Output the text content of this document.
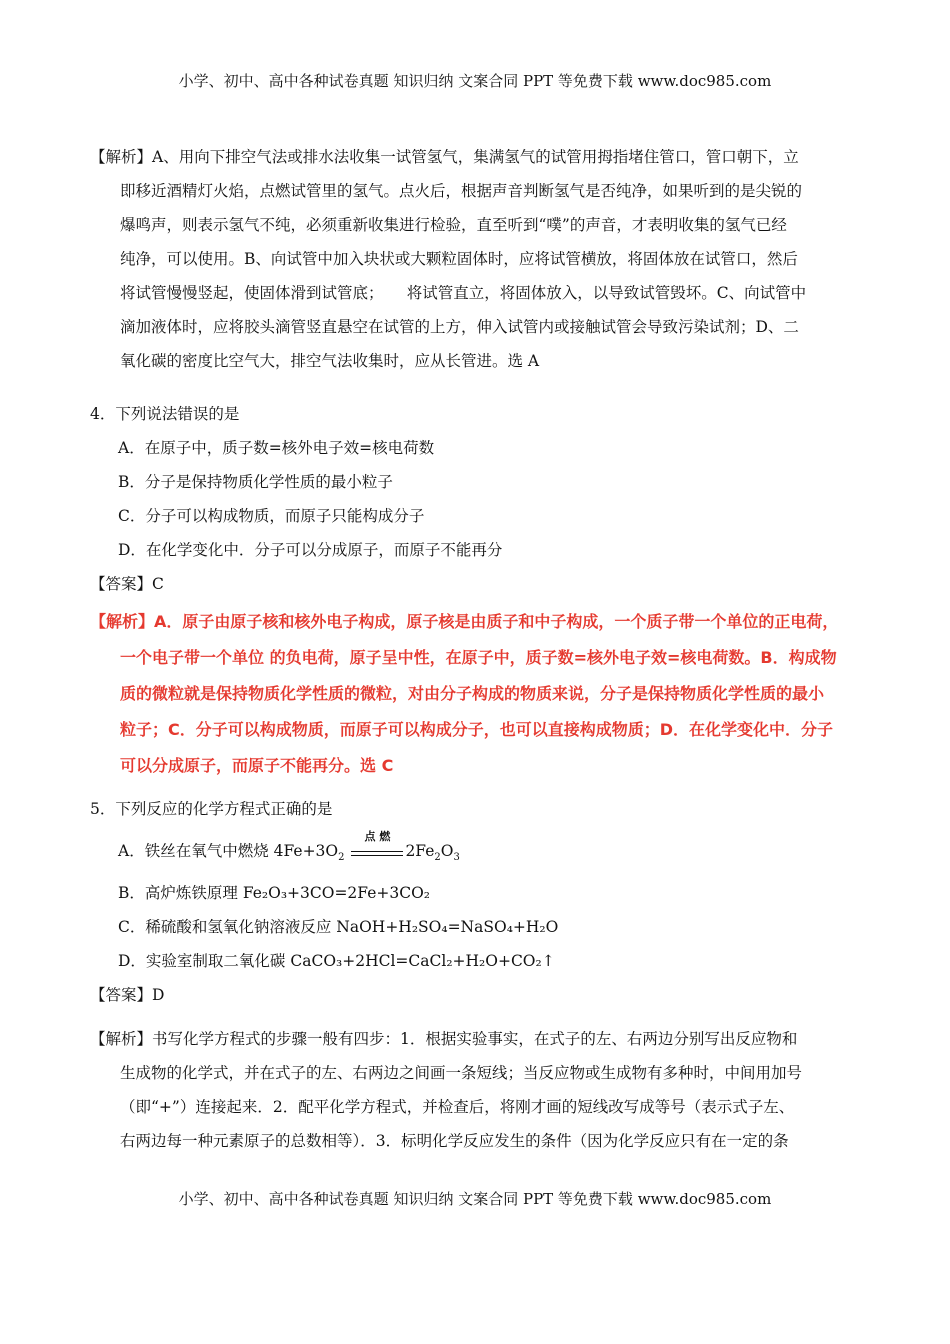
小学、初中、高中各种试卷真题 知识归纳 文案合同 PPT 等免费下载 www.doc985.com
【解析】A、用向下排空气法或排水法收集一试管氢气，集满氢气的试管用拇指堵住管口，管口朝下，立
即移近酒精灯火焰，点燃试管里的氢气。点火后，根据声音判断氢气是否纯净，如果听到的是尖锐的
爆鸣声，则表示氢气不纯，必须重新收集进行检验，直至听到“噗”的声音，才表明收集的氢气已经
纯净，可以使用。B、向试管中加入块状或大颗粒固体时，应将试管横放，将固体放在试管口，然后
将试管慢慢竖起，使固体滑到试管底；　　将试管直立，将固体放入，以导致试管毁坏。C、向试管中
滴加液体时，应将胶头滴管竖直悬空在试管的上方，伸入试管内或接触试管会导致污染试剂；D、二
氧化碳的密度比空气大，排空气法收集时，应从长管进。选 A
4．下列说法错误的是
A．在原子中，质子数=核外电子效=核电荷数
B．分子是保持物质化学性质的最小粒子
C．分子可以构成物质，而原子只能构成分子
D．在化学变化中．分子可以分成原子，而原子不能再分
【答案】C
【解析】A．原子由原子核和核外电子构成，原子核是由质子和中子构成，一个质子带一个单位的正电荷，
一个电子带一个单位 的负电荷，原子呈中性，在原子中，质子数=核外电子效=核电荷数。B．构成物
质的微粒就是保持物质化学性质的微粒，对由分子构成的物质来说，分子是保持物质化学性质的最小
粒子；C．分子可以构成物质，而原子可以构成分子，也可以直接构成物质；D．在化学变化中．分子
可以分成原子，而原子不能再分。选 C
5．下列反应的化学方程式正确的是
A．铁丝在氧气中燃烧 $4Fe+3O_2$
点 燃
$2Fe_2O_3$
B．高炉炼铁原理 Fe₂O₃+3CO=2Fe+3CO₂
C．稀硫酸和氢氧化钠溶液反应 NaOH+H₂SO₄=NaSO₄+H₂O
D．实验室制取二氧化碳 CaCO₃+2HCl=CaCl₂+H₂O+CO₂↑
【答案】D
【解析】书写化学方程式的步骤一般有四步：1．根据实验事实，在式子的左、右两边分别写出反应物和
生成物的化学式，并在式子的左、右两边之间画一条短线；当反应物或生成物有多种时，中间用加号
（即“+”）连接起来．2．配平化学方程式，并检查后，将刚才画的短线改写成等号（表示式子左、
右两边每一种元素原子的总数相等）．3．标明化学反应发生的条件（因为化学反应只有在一定的条
小学、初中、高中各种试卷真题 知识归纳 文案合同 PPT 等免费下载 www.doc985.com
